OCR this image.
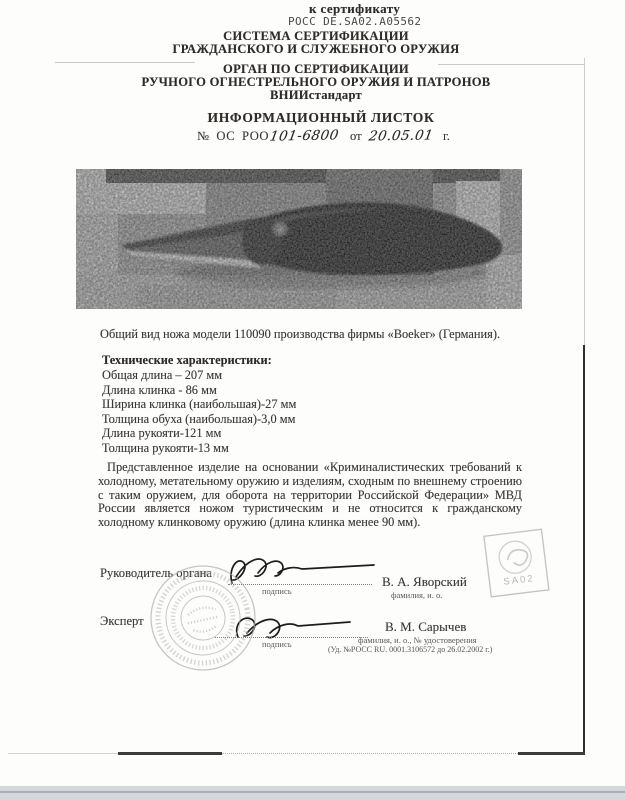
к сертификату
РОСС DE.SA02.A05562
СИСТЕМА СЕРТИФИКАЦИИ
ГРАЖДАНСКОГО И СЛУЖЕБНОГО ОРУЖИЯ
ОРГАН ПО СЕРТИФИКАЦИИ
РУЧНОГО ОГНЕСТРЕЛЬНОГО ОРУЖИЯ И ПАТРОНОВ
ВНИИстандарт
ИНФОРМАЦИОННЫЙ ЛИСТОК
№ ОС РОО101-6800 от 20.05.01 г.
Общий вид ножа модели 110090 производства фирмы «Boeker» (Германия).
Технические характеристики:
Общая длина – 207 мм
Длина клинка - 86 мм
Ширина клинка (наибольшая)-27 мм
Толщина обуха (наибольшая)-3,0 мм
Длина рукояти-121 мм
Толщина рукояти-13 мм
Представленное изделие на основании «Криминалистических требований к холодному, метательному оружию и изделиям, сходным по внешнему строению с таким оружием, для оборота на территории Российской Федерации» МВД России является ножом туристическим и не относится к гражданскому холодному клинковому оружию (длина клинка менее 90 мм).
Руководитель органа
подпись
В. А. Яворский
фамилия, и. о.
Эксперт
подпись
В. М. Сарычев
фамилия, и. о., № удостоверения
(Уд. №РОСС RU. 0001.3106572 до 26.02.2002 г.)
SA02
